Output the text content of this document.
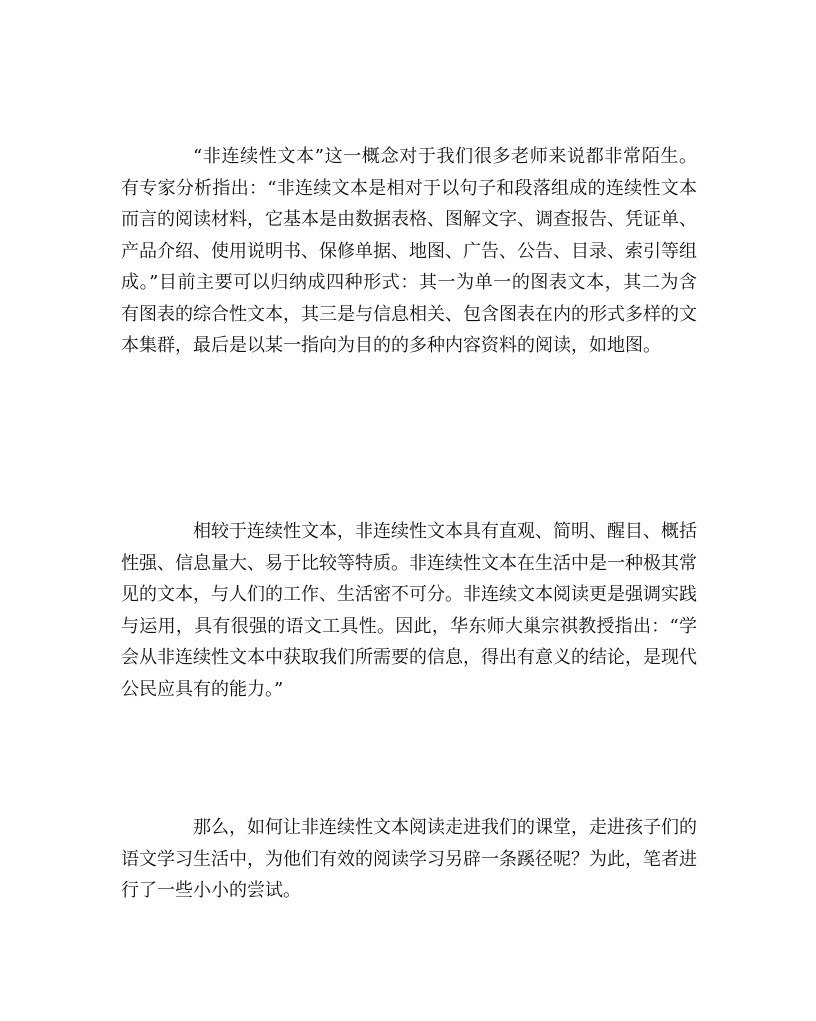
“非连续性文本”这一概念对于我们很多老师来说都非常陌生。有专家分析指出：“非连续文本是相对于以句子和段落组成的连续性文本而言的阅读材料，它基本是由数据表格、图解文字、调查报告、凭证单、产品介绍、使用说明书、保修单据、地图、广告、公告、目录、索引等组成。”目前主要可以归纳成四种形式：其一为单一的图表文本，其二为含有图表的综合性文本，其三是与信息相关、包含图表在内的形式多样的文本集群，最后是以某一指向为目的的多种内容资料的阅读，如地图。

相较于连续性文本，非连续性文本具有直观、简明、醒目、概括性强、信息量大、易于比较等特质。非连续性文本在生活中是一种极其常见的文本，与人们的工作、生活密不可分。非连续文本阅读更是强调实践与运用，具有很强的语文工具性。因此，华东师大巢宗祺教授指出：“学会从非连续性文本中获取我们所需要的信息，得出有意义的结论，是现代公民应具有的能力。”

那么，如何让非连续性文本阅读走进我们的课堂，走进孩子们的语文学习生活中，为他们有效的阅读学习另辟一条蹊径呢？为此，笔者进行了一些小小的尝试。
